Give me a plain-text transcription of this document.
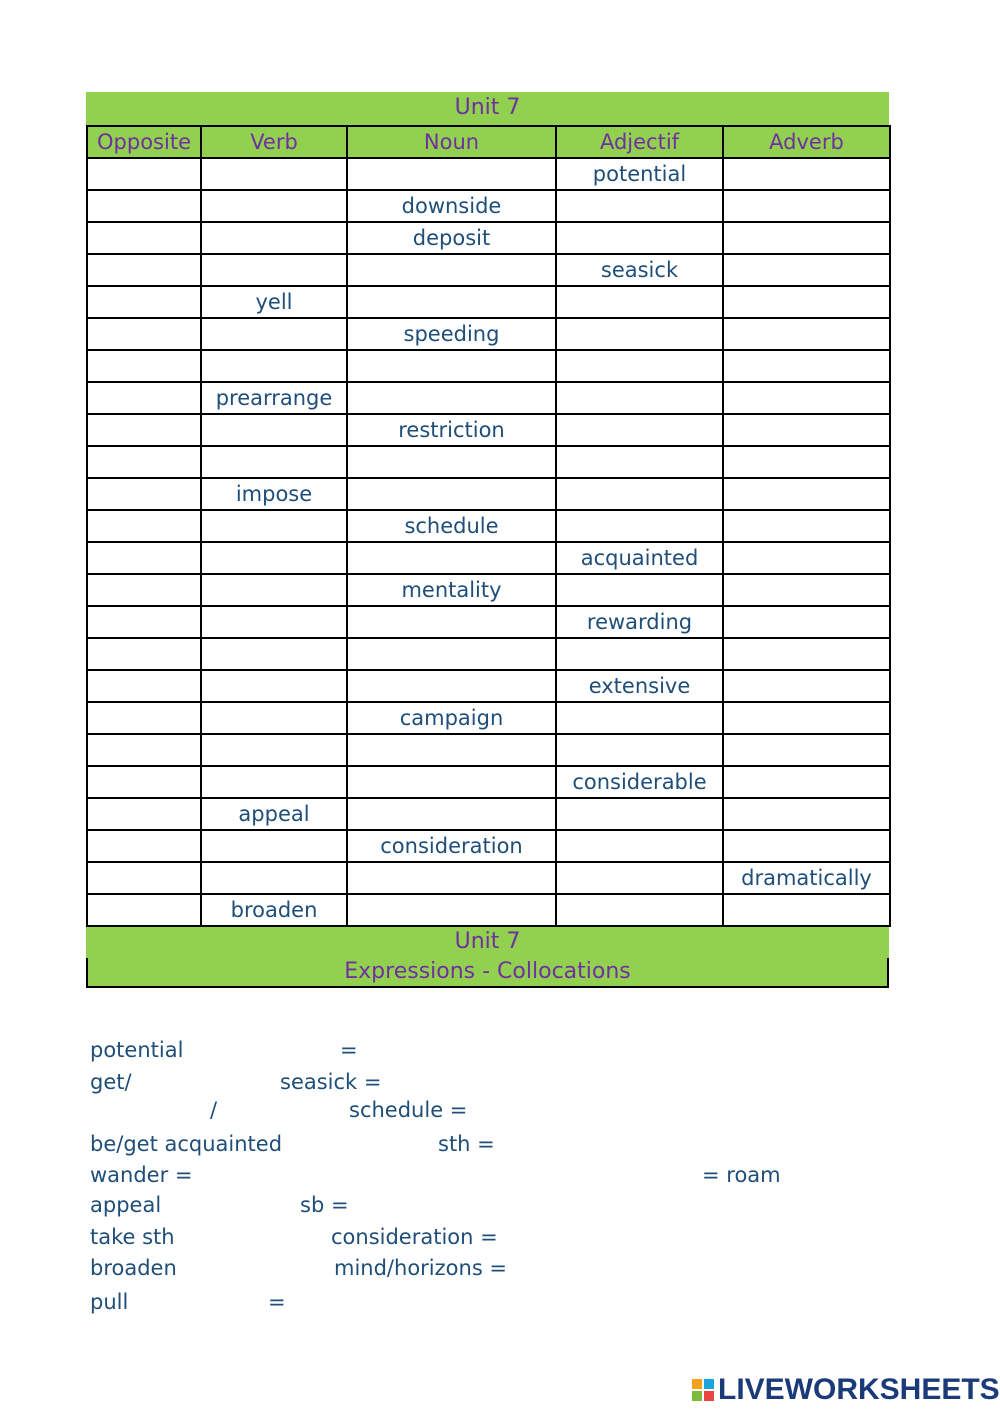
Unit 7
Opposite	Verb	Noun	Adjectif	Adverb
			potential	
		downside		
		deposit		
			seasick	
	yell			
		speeding		

	prearrange			
		restriction		

	impose			
		schedule		
			acquainted	
		mentality		
			rewarding	

			extensive	
		campaign		

			considerable	
	appeal			
		consideration		
				dramatically
	broaden			
Unit 7
Expressions - Collocations
potential	=
get/	seasick =
/	schedule =
be/get acquainted	sth =
wander =	= roam
appeal	sb =
take sth	consideration =
broaden	mind/horizons =
pull	=
LIVEWORKSHEETS
